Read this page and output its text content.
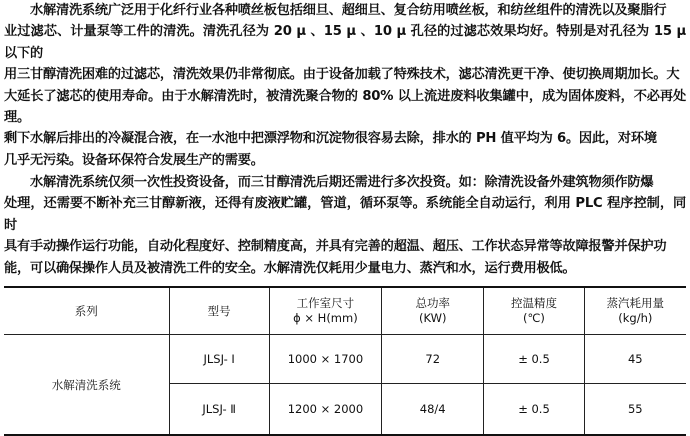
水解清洗系统广泛用于化纤行业各种喷丝板包括细旦、超细旦、复合纺用喷丝板，和纺丝组件的清洗以及聚脂行
业过滤芯、计量泵等工件的清洗。清洗孔径为 20 μ 、15 μ 、10 μ 孔径的过滤芯效果均好。特别是对孔径为 15 μ 以下的
用三甘醇清洗困难的过滤芯，清洗效果仍非常彻底。由于设备加载了特殊技术，滤芯清洗更干净、使切换周期加长。大
大延长了滤芯的使用寿命。由于水解清洗时，被清洗聚合物的 80% 以上流进废料收集罐中，成为固体废料，不必再处理。
剩下水解后排出的冷凝混合液，在一水池中把漂浮物和沉淀物很容易去除，排水的 PH 值平均为 6。因此，对环境
几乎无污染。设备环保符合发展生产的需要。

水解清洗系统仅须一次性投资设备，而三甘醇清洗后期还需进行多次投资。如：除清洗设备外建筑物须作防爆
处理，还需要不断补充三甘醇新液，还得有废液贮罐，管道，循环泵等。系统能全自动运行，利用 PLC 程序控制，同时
具有手动操作运行功能，自动化程度好、控制精度高，并具有完善的超温、超压、工作状态异常等故障报警并保护功
能，可以确保操作人员及被清洗工件的安全。水解清洗仅耗用少量电力、蒸汽和水，运行费用极低。

系列	型号	工作室尺寸
ϕ × H(mm)	总功率
(KW)	控温精度
(℃)	蒸汽耗用量
(kg/h)
水解清洗系统	JLSJ- Ⅰ	1000 × 1700	72	± 0.5	45
	JLSJ- Ⅱ	1200 × 2000	48/4	± 0.5	55
